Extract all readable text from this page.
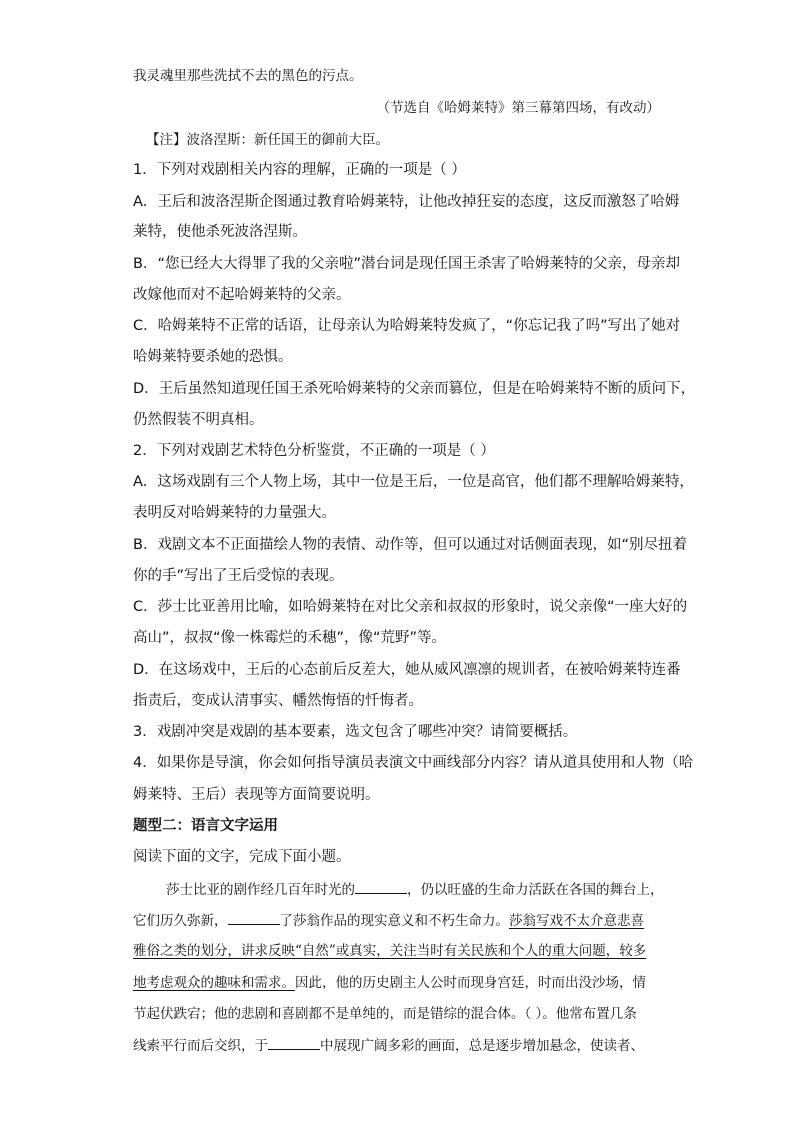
我灵魂里那些洗拭不去的黑色的污点。
（节选自《哈姆莱特》第三幕第四场，有改动）
【注】波洛涅斯：新任国王的御前大臣。
1．下列对戏剧相关内容的理解，正确的一项是（ ）
A．王后和波洛涅斯企图通过教育哈姆莱特，让他改掉狂妄的态度，这反而激怒了哈姆
莱特，使他杀死波洛涅斯。
B．“您已经大大得罪了我的父亲啦”潜台词是现任国王杀害了哈姆莱特的父亲，母亲却
改嫁他而对不起哈姆莱特的父亲。
C．哈姆莱特不正常的话语，让母亲认为哈姆莱特发疯了，“你忘记我了吗”写出了她对
哈姆莱特要杀她的恐惧。
D．王后虽然知道现任国王杀死哈姆莱特的父亲而篡位，但是在哈姆莱特不断的质问下，
仍然假装不明真相。
2．下列对戏剧艺术特色分析鉴赏，不正确的一项是（ ）
A．这场戏剧有三个人物上场，其中一位是王后，一位是高官，他们都不理解哈姆莱特，
表明反对哈姆莱特的力量强大。
B．戏剧文本不正面描绘人物的表情、动作等，但可以通过对话侧面表现，如“别尽扭着
你的手”写出了王后受惊的表现。
C．莎士比亚善用比喻，如哈姆莱特在对比父亲和叔叔的形象时，说父亲像“一座大好的
高山”，叔叔“像一株霉烂的禾穗”，像“荒野”等。
D．在这场戏中，王后的心态前后反差大，她从威风凛凛的规训者，在被哈姆莱特连番
指责后，变成认清事实、幡然悔悟的忏悔者。
3．戏剧冲突是戏剧的基本要素，选文包含了哪些冲突？请简要概括。
4．如果你是导演，你会如何指导演员表演文中画线部分内容？请从道具使用和人物（哈
姆莱特、王后）表现等方面简要说明。
题型二：语言文字运用
阅读下面的文字，完成下面小题。
莎士比亚的剧作经几百年时光的	，仍以旺盛的生命力活跃在各国的舞台上，
它们历久弥新，	了莎翁作品的现实意义和不朽生命力。莎翁写戏不太介意悲喜
雅俗之类的划分，讲求反映“自然”或真实，关注当时有关民族和个人的重大问题，较多
地考虑观众的趣味和需求。因此，他的历史剧主人公时而现身宫廷，时而出没沙场，情
节起伏跌宕；他的悲剧和喜剧都不是单纯的，而是错综的混合体。（ ）。他常布置几条
线索平行而后交织，于	中展现广阔多彩的画面，总是逐步增加悬念，使读者、
